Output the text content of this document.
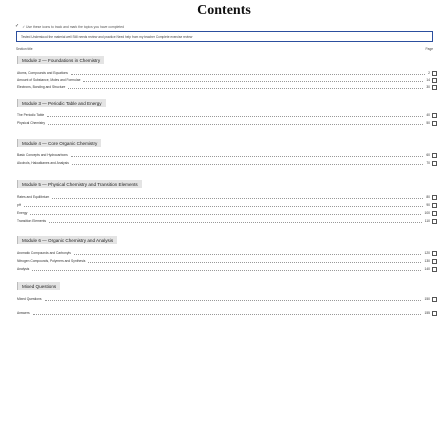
Contents
✓ ✓ Use these icons to track and mark the topics you have completed
Tested Understood the material well Still needs review and practice Need help from my teacher Complete exercise review
Section title	Page
Module 2 — Foundations in Chemistry
Atoms, Compounds and Equations	2
Amount of Substance, Moles and Formulae	14
Electrons, Bonding and Structure	30
Module 3 — Periodic Table and Energy
The Periodic Table	40
Physical Chemistry	50
Module 4 — Core Organic Chemistry
Basic Concepts and Hydrocarbons	60
Alcohols, Haloalkanes and Analysis	70
Module 5 — Physical Chemistry and Transition Elements
Rates and Equilibrium	80
pH	90
Energy	100
Transition Elements	110
Module 6 — Organic Chemistry and Analysis
Aromatic Compounds and Carbonyls	120
Nitrogen Compounds, Polymers and Synthesis	130
Analysis	140
Mixed Questions
Mixed Questions	150
Answers	155
